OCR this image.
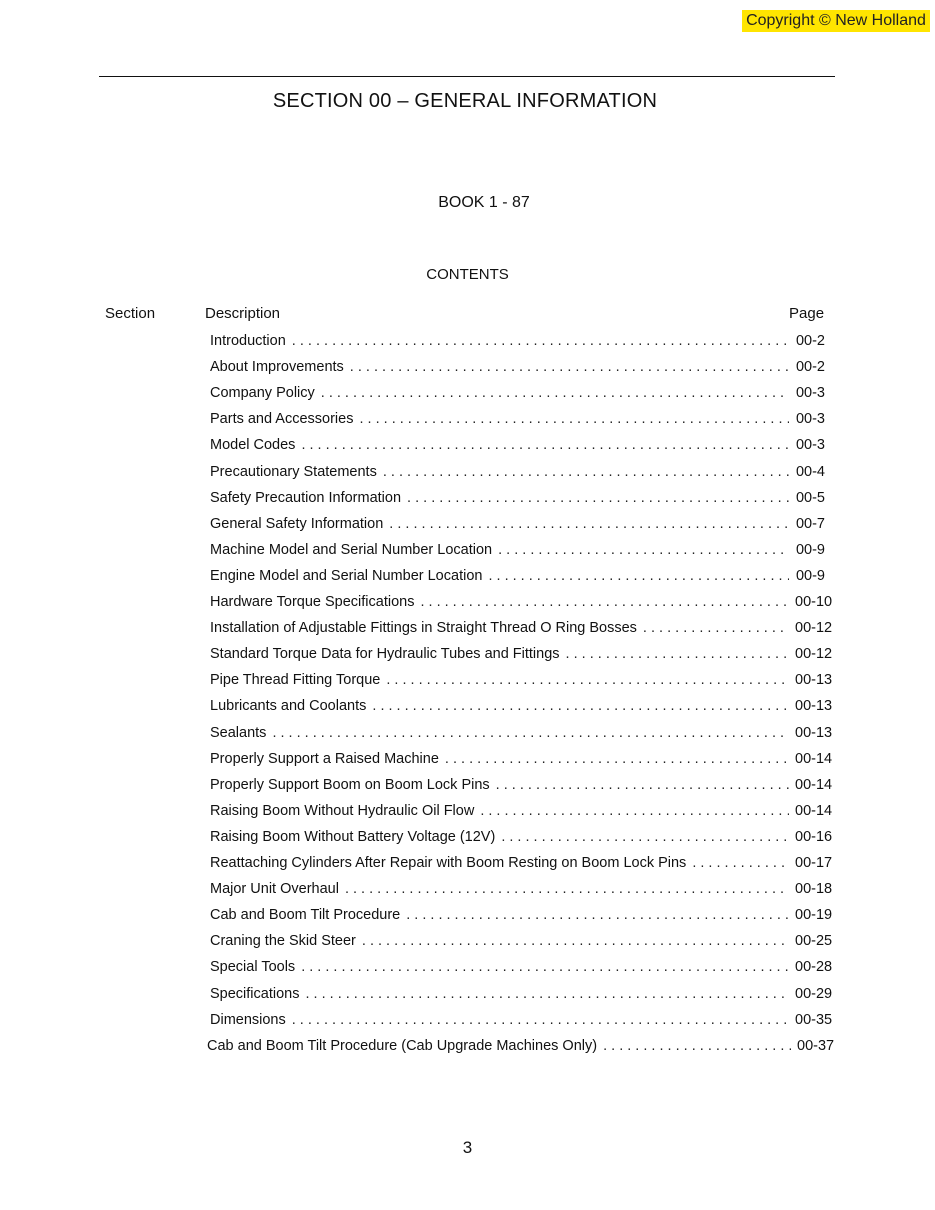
Copyright © New Holland
SECTION 00 – GENERAL INFORMATION
BOOK 1 - 87
CONTENTS
Section	Description	Page
Introduction . . .	00-2
About Improvements . . .	00-2
Company Policy . . .	00-3
Parts and Accessories . . .	00-3
Model Codes . . .	00-3
Precautionary Statements . . .	00-4
Safety Precaution Information . . .	00-5
General Safety Information . . .	00-7
Machine Model and Serial Number Location . . .	00-9
Engine Model and Serial Number Location . . .	00-9
Hardware Torque Specifications . . .	00-10
Installation of Adjustable Fittings in Straight Thread O Ring Bosses . . .	00-12
Standard Torque Data for Hydraulic Tubes and Fittings . . .	00-12
Pipe Thread Fitting Torque . . .	00-13
Lubricants and Coolants . . .	00-13
Sealants . . .	00-13
Properly Support a Raised Machine . . .	00-14
Properly Support Boom on Boom Lock Pins . . .	00-14
Raising Boom Without Hydraulic Oil Flow . . .	00-14
Raising Boom Without Battery Voltage (12V) . . .	00-16
Reattaching Cylinders After Repair with Boom Resting on Boom Lock Pins . . .	00-17
Major Unit Overhaul . . .	00-18
Cab and Boom Tilt Procedure . . .	00-19
Craning the Skid Steer . . .	00-25
Special Tools . . .	00-28
Specifications . . .	00-29
Dimensions . . .	00-35
Cab and Boom Tilt Procedure (Cab Upgrade Machines Only) . . .	00-37
3
